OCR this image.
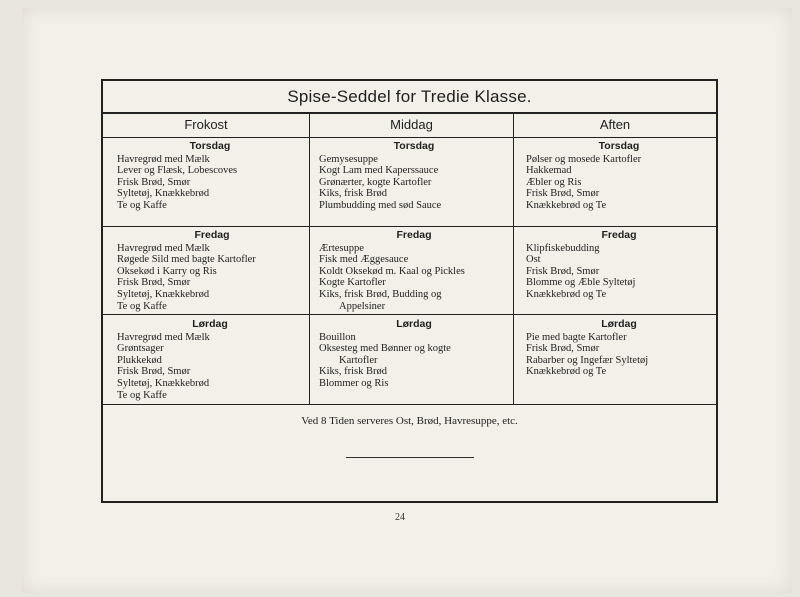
Spise-Seddel for Tredie Klasse.
Frokost	Middag	Aften
Torsdag
Havregrød med Mælk
Lever og Flæsk, Lobescoves
Frisk Brød, Smør
Syltetøj, Knækkebrød
Te og Kaffe
Torsdag
Gemysesuppe
Kogt Lam med Kaperssauce
Grønærter, kogte Kartofler
Kiks, frisk Brød
Plumbudding med sød Sauce
Torsdag
Pølser og mosede Kartofler
Hakkemad
Æbler og Ris
Frisk Brød, Smør
Knækkebrød og Te
Fredag
Havregrød med Mælk
Røgede Sild med bagte Kartofler
Oksekød i Karry og Ris
Frisk Brød, Smør
Syltetøj, Knækkebrød
Te og Kaffe
Fredag
Ærtesuppe
Fisk med Æggesauce
Koldt Oksekød m. Kaal og Pickles
Kogte Kartofler
Kiks, frisk Brød, Budding og
Appelsiner
Fredag
Klipfiskebudding
Ost
Frisk Brød, Smør
Blomme og Æble Syltetøj
Knækkebrød og Te
Lørdag
Havregrød med Mælk
Grøntsager
Plukkekød
Frisk Brød, Smør
Syltetøj, Knækkebrød
Te og Kaffe
Lørdag
Bouillon
Oksesteg med Bønner og kogte
Kartofler
Kiks, frisk Brød
Blommer og Ris
Lørdag
Pie med bagte Kartofler
Frisk Brød, Smør
Rabarber og Ingefær Syltetøj
Knækkebrød og Te
Ved 8 Tiden serveres Ost, Brød, Havresuppe, etc.
24
